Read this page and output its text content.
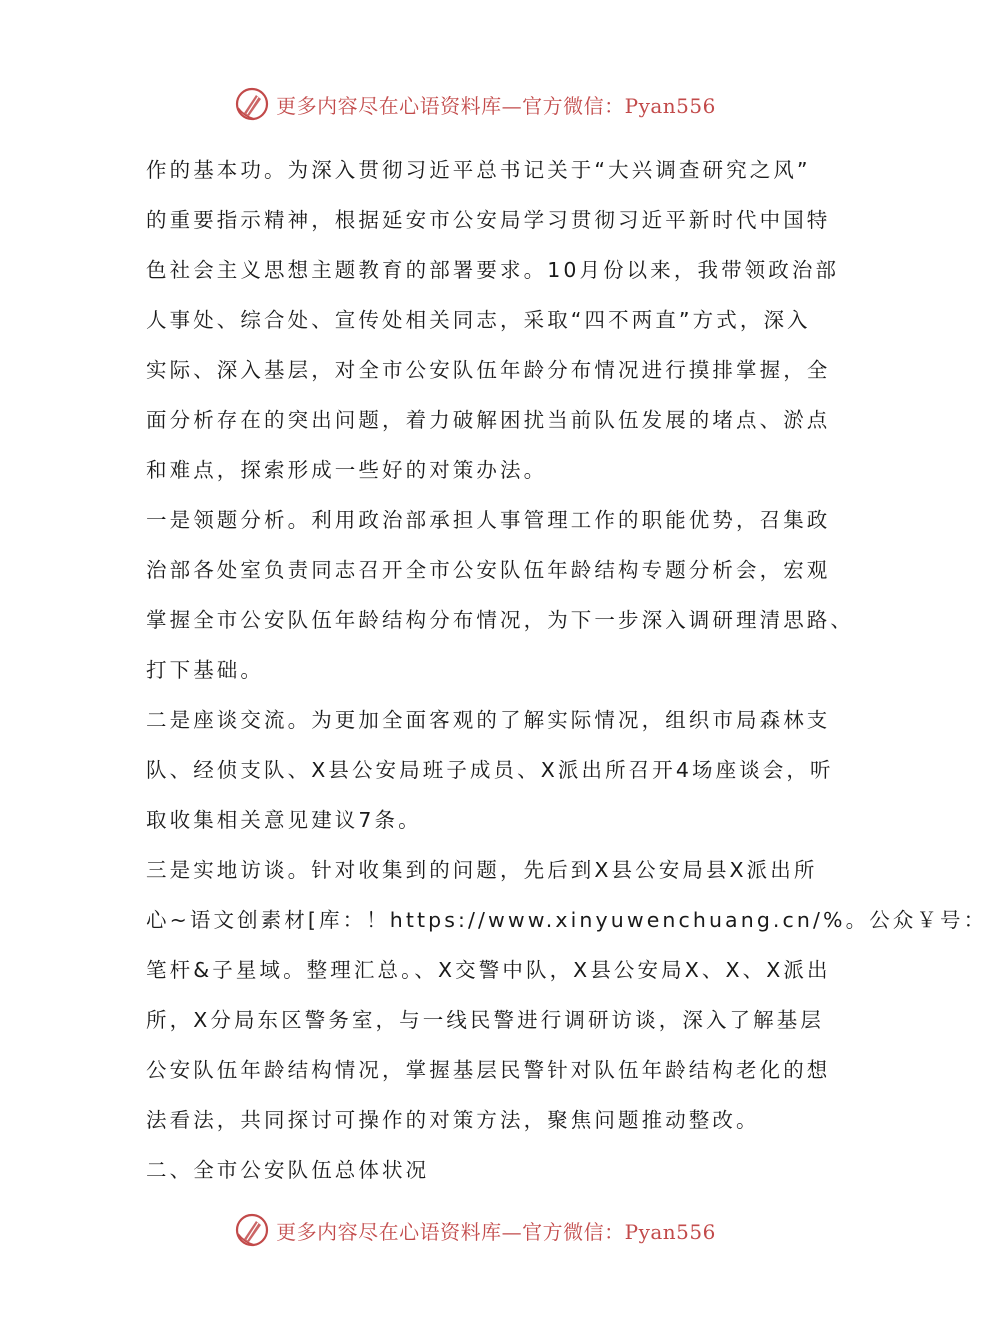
更多内容尽在心语资料库—官方微信：Pyan556
作的基本功。为深入贯彻习近平总书记关于“大兴调查研究之风”
的重要指示精神，根据延安市公安局学习贯彻习近平新时代中国特
色社会主义思想主题教育的部署要求。10月份以来，我带领政治部
人事处、综合处、宣传处相关同志，采取“四不两直”方式，深入
实际、深入基层，对全市公安队伍年龄分布情况进行摸排掌握，全
面分析存在的突出问题，着力破解困扰当前队伍发展的堵点、淤点
和难点，探索形成一些好的对策办法。
一是领题分析。利用政治部承担人事管理工作的职能优势，召集政
治部各处室负责同志召开全市公安队伍年龄结构专题分析会，宏观
掌握全市公安队伍年龄结构分布情况，为下一步深入调研理清思路、
打下基础。
二是座谈交流。为更加全面客观的了解实际情况，组织市局森林支
队、经侦支队、X县公安局班子成员、X派出所召开4场座谈会，听
取收集相关意见建议7条。
三是实地访谈。针对收集到的问题，先后到X县公安局县X派出所
心~语文创素材[库：！https://www.xinyuwenchuang.cn/%。公众￥号：
笔杆&子星域。整理汇总。、X交警中队，X县公安局X、X、X派出
所，X分局东区警务室，与一线民警进行调研访谈，深入了解基层
公安队伍年龄结构情况，掌握基层民警针对队伍年龄结构老化的想
法看法，共同探讨可操作的对策方法，聚焦问题推动整改。
二、全市公安队伍总体状况
更多内容尽在心语资料库—官方微信：Pyan556
